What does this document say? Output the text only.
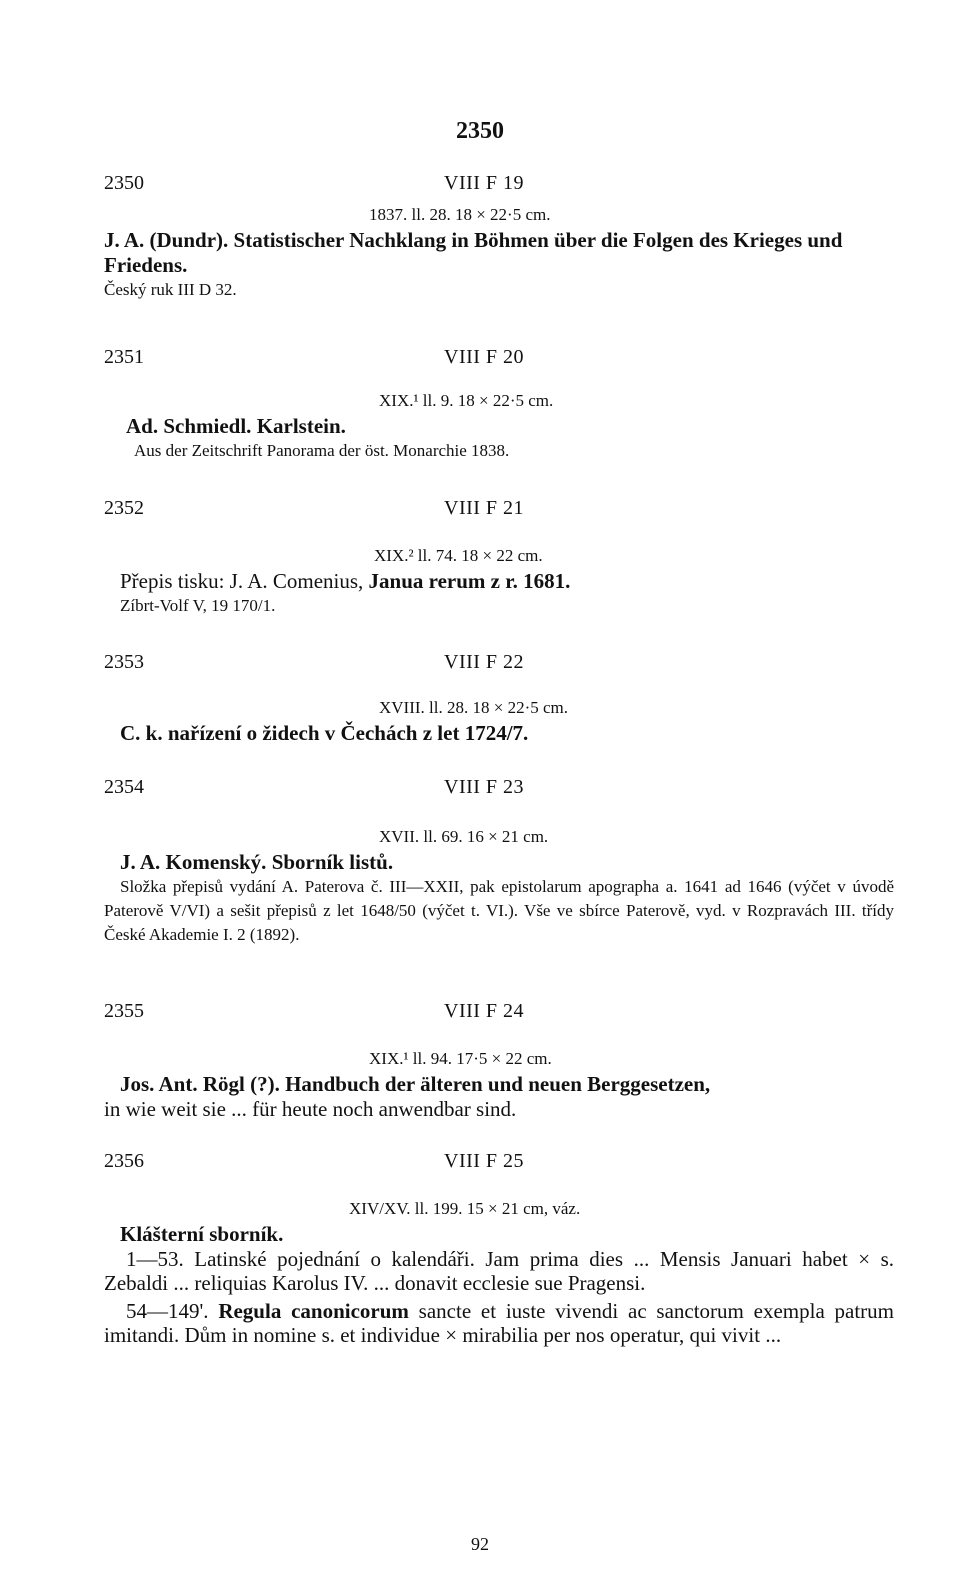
2350
2350	VIII F 19
1837. ll. 28. 18 × 22·5 cm.
J. A. (Dundr). Statistischer Nachklang in Böhmen über die Folgen des Krieges und Friedens.
Český ruk III D 32.
2351	VIII F 20
XIX.¹ ll. 9. 18 × 22·5 cm.
Ad. Schmiedl. Karlstein.
Aus der Zeitschrift Panorama der öst. Monarchie 1838.
2352	VIII F 21
XIX.² ll. 74. 18 × 22 cm.
Přepis tisku: J. A. Comenius, Janua rerum z r. 1681.
Zíbrt-Volf V, 19 170/1.
2353	VIII F 22
XVIII. ll. 28. 18 × 22·5 cm.
C. k. nařízení o židech v Čechách z let 1724/7.
2354	VIII F 23
XVII. ll. 69. 16 × 21 cm.
J. A. Komenský. Sborník listů.
Složka přepisů vydání A. Paterova č. III—XXII, pak epistolarum apographa a. 1641 ad 1646 (výčet v úvodě Paterově V/VI) a sešit přepisů z let 1648/50 (výčet t. VI.). Vše ve sbírce Paterově, vyd. v Rozpravách III. třídy České Akademie I. 2 (1892).
2355	VIII F 24
XIX.¹ ll. 94. 17·5 × 22 cm.
Jos. Ant. Rögl (?). Handbuch der älteren und neuen Berggesetzen,
in wie weit sie ... für heute noch anwendbar sind.
2356	VIII F 25
XIV/XV. ll. 199. 15 × 21 cm, váz.
Klášterní sborník.
1—53. Latinské pojednání o kalendáři. Jam prima dies ... Mensis Januari habet × s. Zebaldi ... reliquias Karolus IV. ... donavit ecclesie sue Pragensi.
54—149'. Regula canonicorum sancte et iuste vivendi ac sanctorum exempla patrum imitandi. Dům in nomine s. et individue × mirabilia per nos operatur, qui vivit ...
92
